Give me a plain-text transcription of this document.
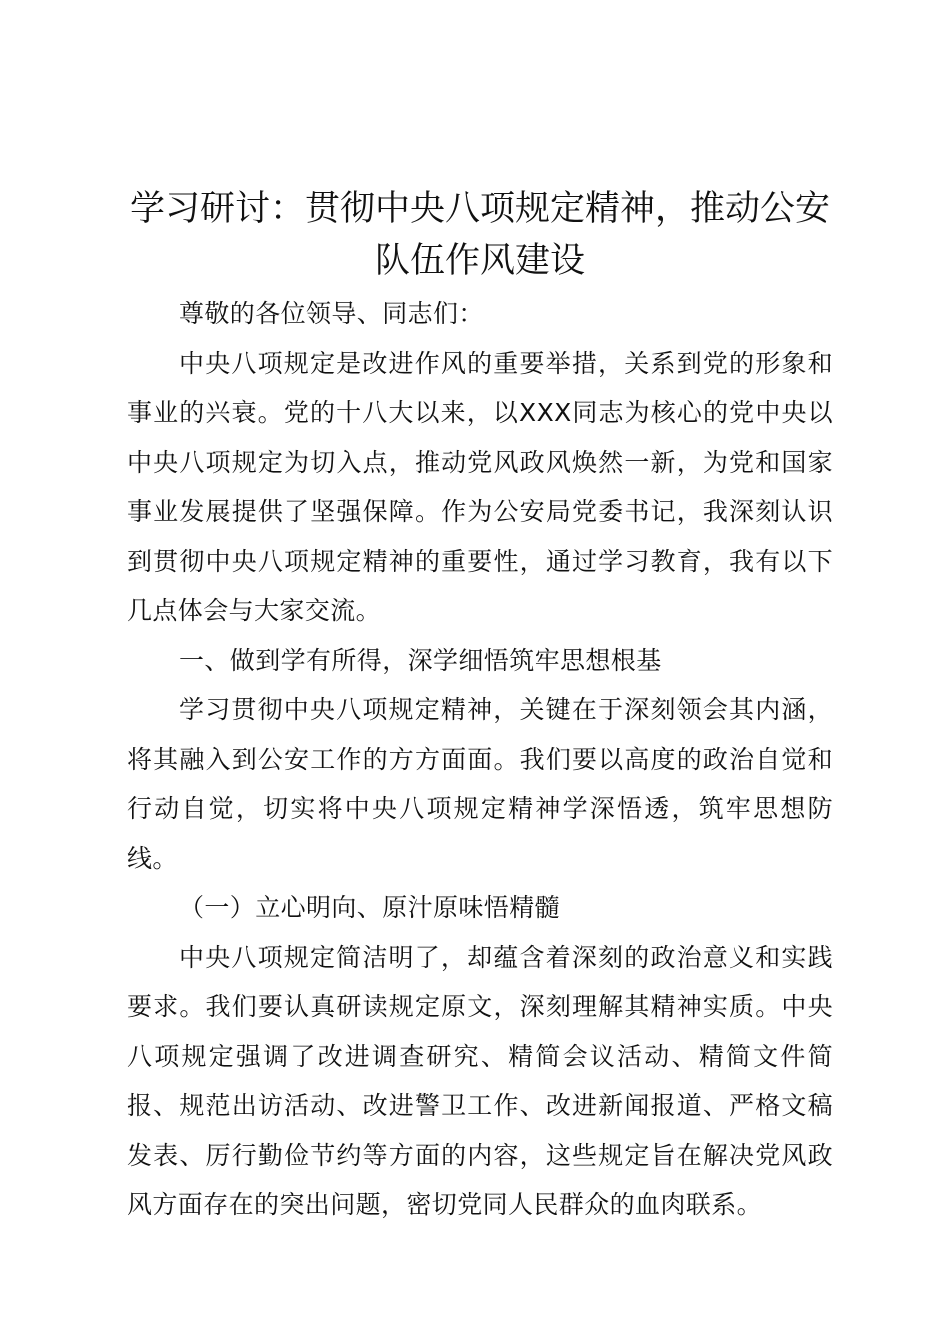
学习研讨：贯彻中央八项规定精神，推动公安队伍作风建设

尊敬的各位领导、同志们：

中央八项规定是改进作风的重要举措，关系到党的形象和事业的兴衰。党的十八大以来，以XXX同志为核心的党中央以中央八项规定为切入点，推动党风政风焕然一新，为党和国家事业发展提供了坚强保障。作为公安局党委书记，我深刻认识到贯彻中央八项规定精神的重要性，通过学习教育，我有以下几点体会与大家交流。

一、做到学有所得，深学细悟筑牢思想根基

学习贯彻中央八项规定精神，关键在于深刻领会其内涵，将其融入到公安工作的方方面面。我们要以高度的政治自觉和行动自觉，切实将中央八项规定精神学深悟透，筑牢思想防线。

（一）立心明向、原汁原味悟精髓

中央八项规定简洁明了，却蕴含着深刻的政治意义和实践要求。我们要认真研读规定原文，深刻理解其精神实质。中央八项规定强调了改进调查研究、精简会议活动、精简文件简报、规范出访活动、改进警卫工作、改进新闻报道、严格文稿发表、厉行勤俭节约等方面的内容，这些规定旨在解决党风政风方面存在的突出问题，密切党同人民群众的血肉联系。
